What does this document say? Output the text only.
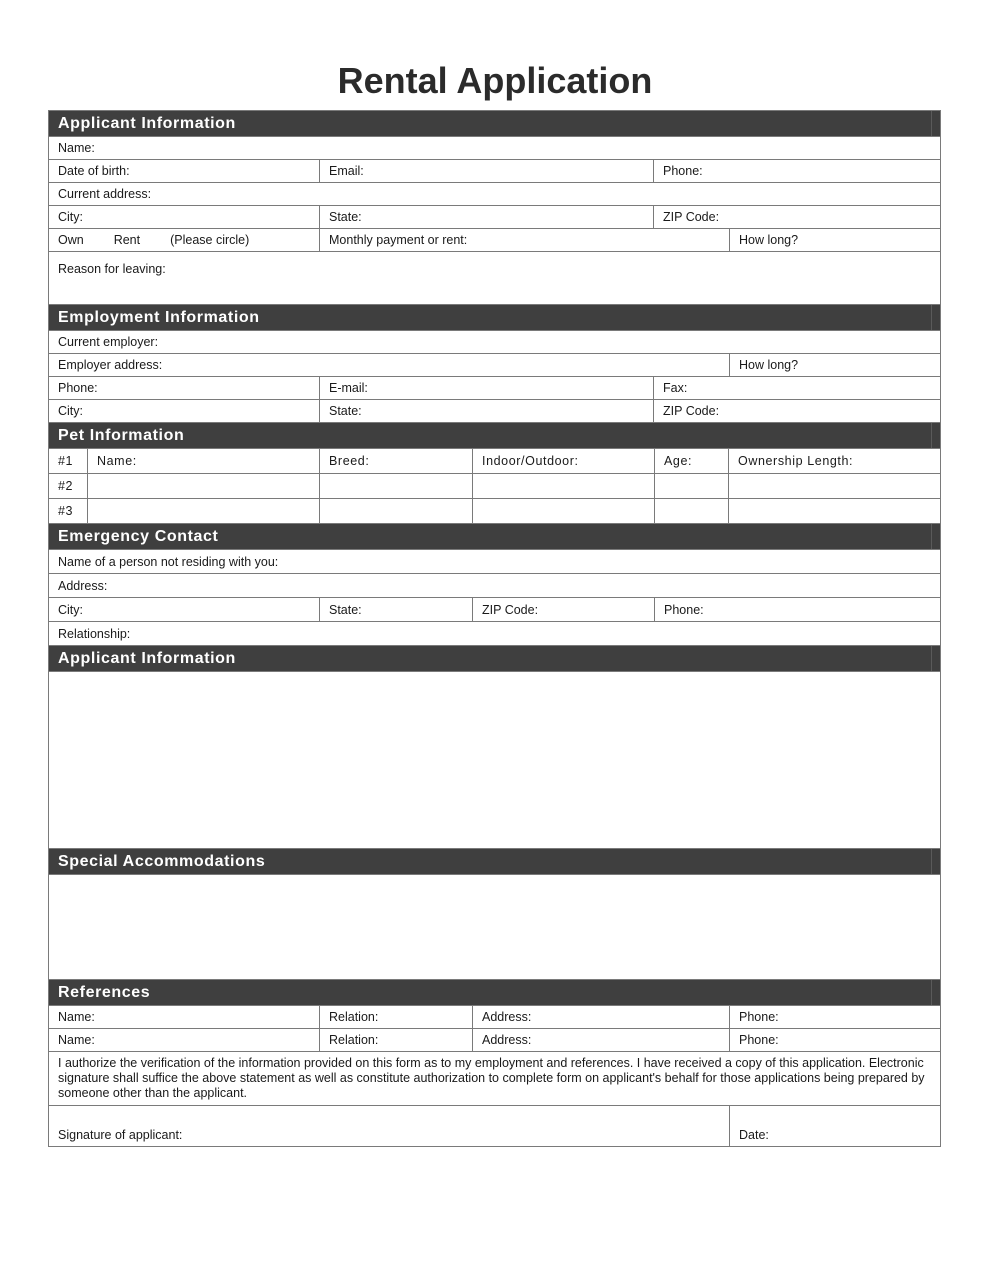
Rental Application
Applicant Information
Name:
Date of birth:	Email:	Phone:
Current address:
City:	State:	ZIP Code:
Own Rent (Please circle)	Monthly payment or rent:	How long?
Reason for leaving:
Employment Information
Current employer:
Employer address:	How long?
Phone:	E-mail:	Fax:
City:	State:	ZIP Code:
Pet Information
#1	Name:	Breed:	Indoor/Outdoor:	Age:	Ownership Length:
#2
#3
Emergency Contact
Name of a person not residing with you:
Address:
City:	State:	ZIP Code:	Phone:
Relationship:
Applicant Information
Special Accommodations
References
Name:	Relation:	Address:	Phone:
Name:	Relation:	Address:	Phone:
I authorize the verification of the information provided on this form as to my employment and references. I have received a copy of this application. Electronic signature shall suffice the above statement as well as constitute authorization to complete form on applicant's behalf for those applications being prepared by someone other than the applicant.
Signature of applicant:	Date:
